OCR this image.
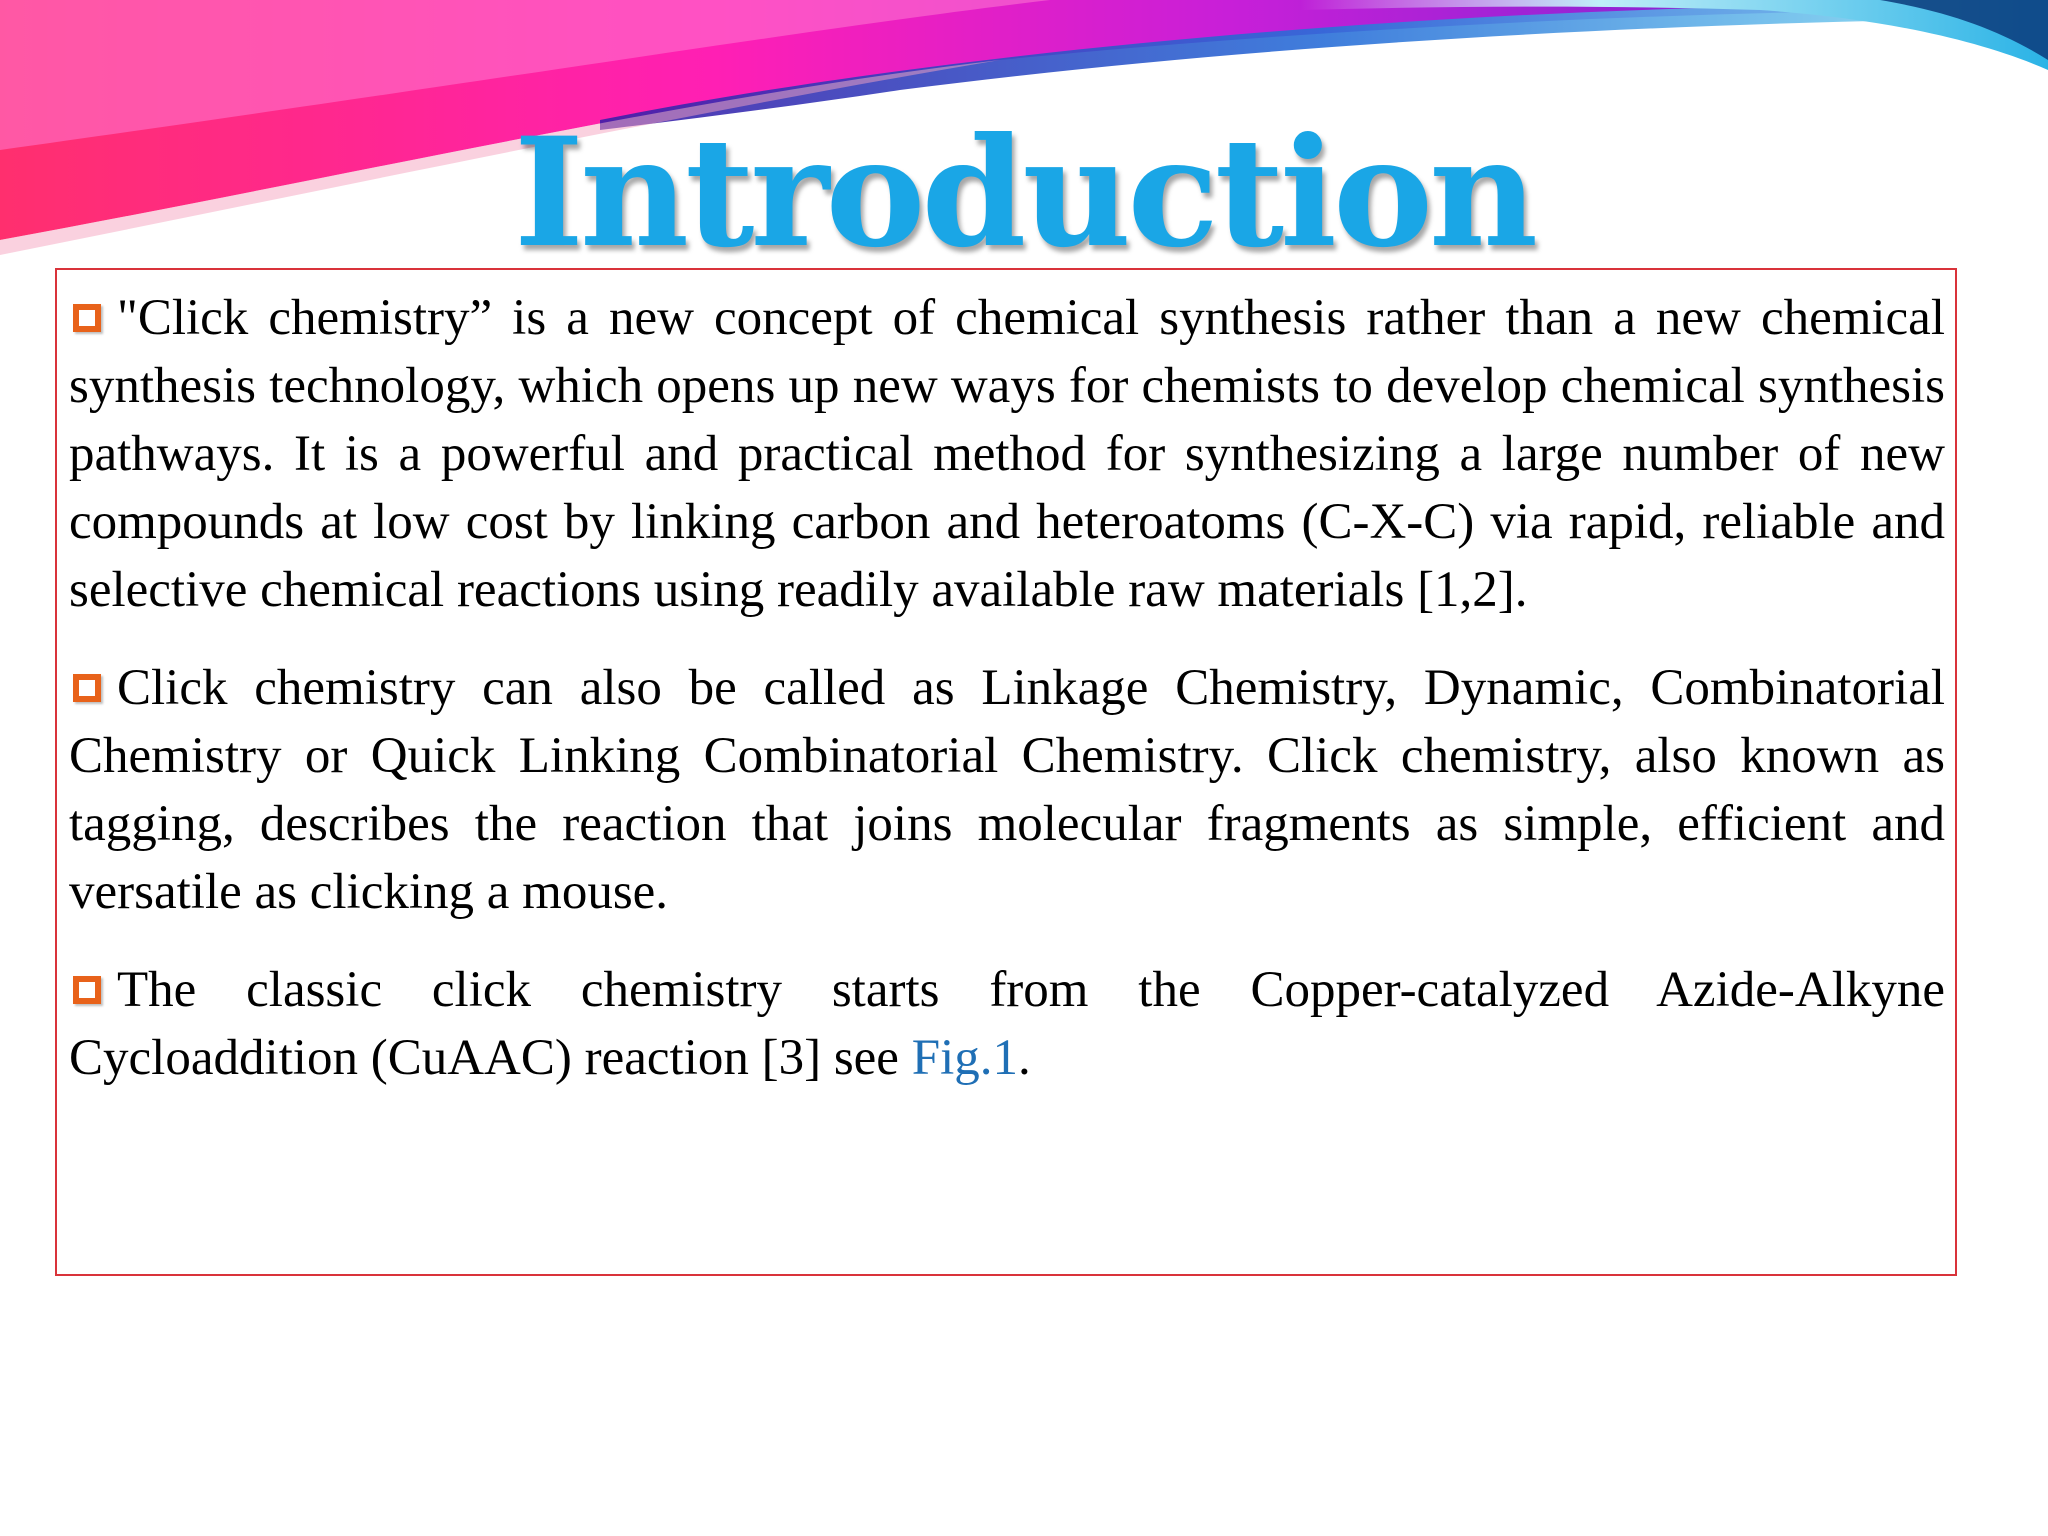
Introduction

"Click chemistry” is a new concept of chemical synthesis rather than a new chemical synthesis technology, which opens up new ways for chemists to develop chemical synthesis pathways. It is a powerful and practical method for synthesizing a large number of new compounds at low cost by linking carbon and heteroatoms (C-X-C) via rapid, reliable and selective chemical reactions using readily available raw materials [1,2].

Click chemistry can also be called as Linkage Chemistry, Dynamic, Combinatorial Chemistry or Quick Linking Combinatorial Chemistry. Click chemistry, also known as tagging, describes the reaction that joins molecular fragments as simple, efficient and versatile as clicking a mouse.

The classic click chemistry starts from the Copper-catalyzed Azide-Alkyne Cycloaddition (CuAAC) reaction [3] see Fig.1.
